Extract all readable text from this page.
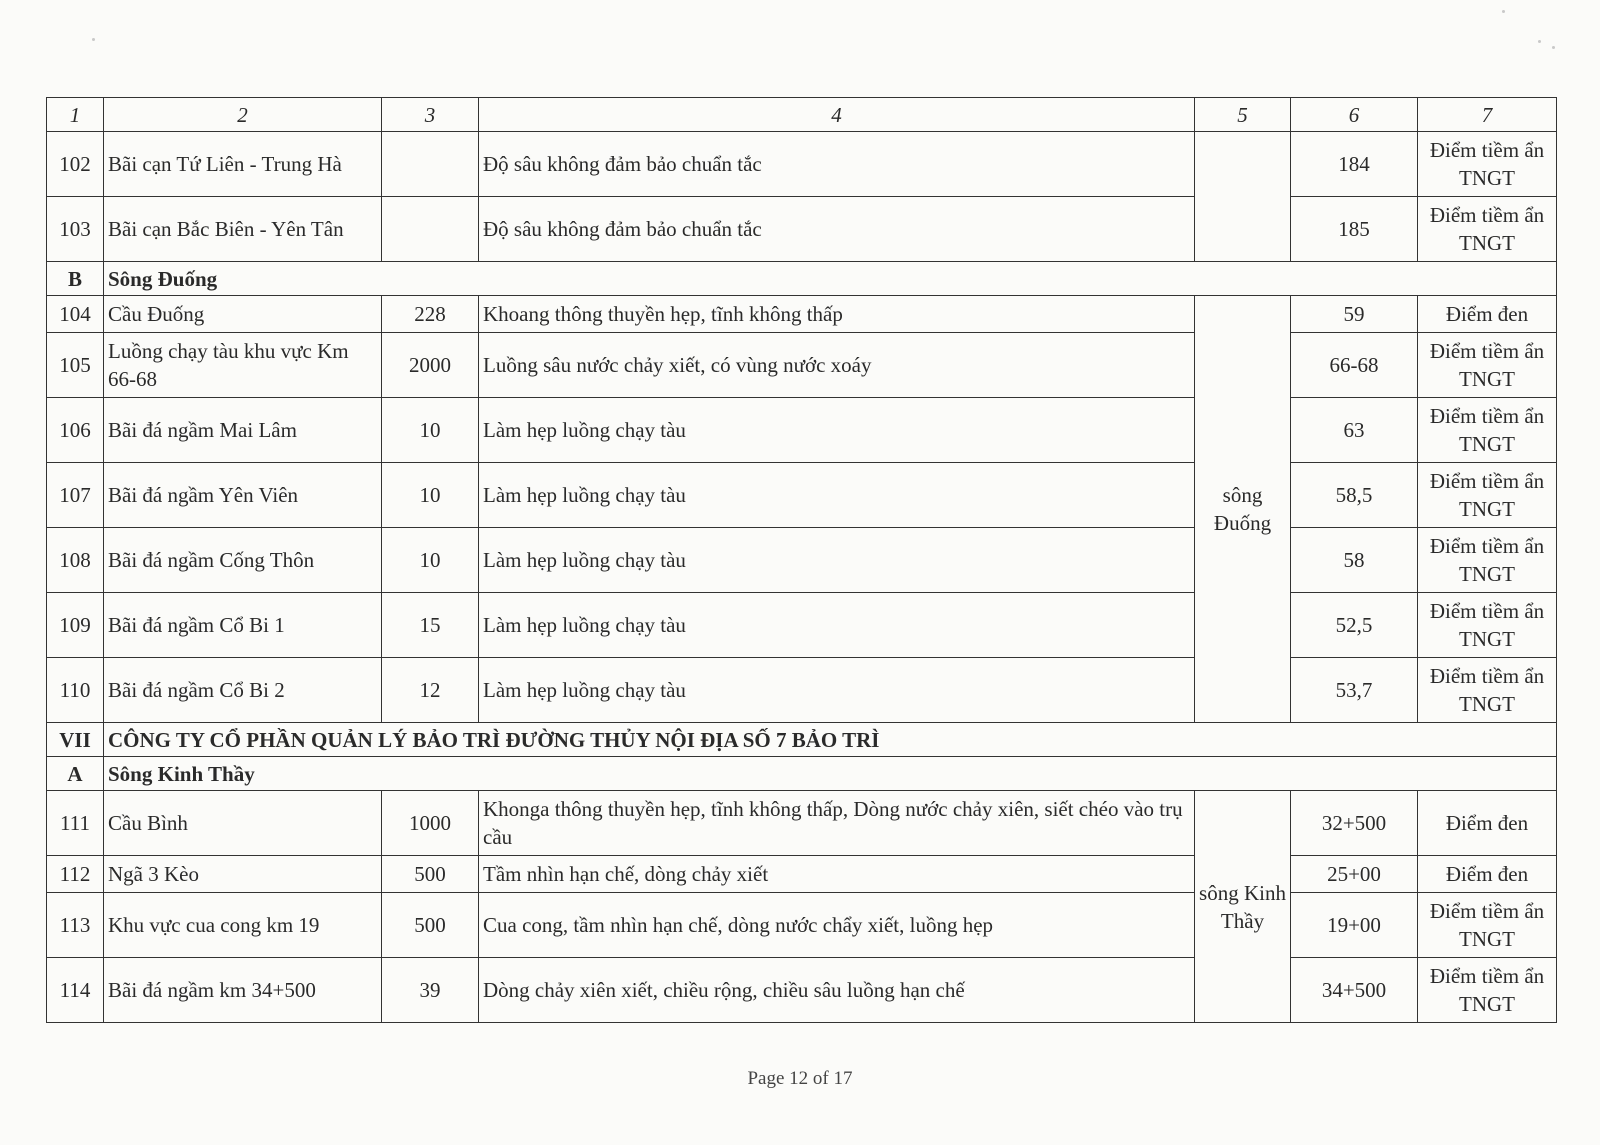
1	2	3	4	5	6	7
102	Bãi cạn Tứ Liên - Trung Hà		Độ sâu không đảm bảo chuẩn tắc		184	Điểm tiềm ẩn TNGT
103	Bãi cạn Bắc Biên - Yên Tân		Độ sâu không đảm bảo chuẩn tắc		185	Điểm tiềm ẩn TNGT
B	Sông Đuống					
104	Cầu Đuống	228	Khoang thông thuyền hẹp, tĩnh không thấp	sông Đuống	59	Điểm đen
105	Luồng chạy tàu khu vực Km 66-68	2000	Luồng sâu nước chảy xiết, có vùng nước xoáy		66-68	Điểm tiềm ẩn TNGT
106	Bãi đá ngầm Mai Lâm	10	Làm hẹp luồng chạy tàu		63	Điểm tiềm ẩn TNGT
107	Bãi đá ngầm Yên Viên	10	Làm hẹp luồng chạy tàu		58,5	Điểm tiềm ẩn TNGT
108	Bãi đá ngầm Cống Thôn	10	Làm hẹp luồng chạy tàu		58	Điểm tiềm ẩn TNGT
109	Bãi đá ngầm Cổ Bi 1	15	Làm hẹp luồng chạy tàu		52,5	Điểm tiềm ẩn TNGT
110	Bãi đá ngầm Cổ Bi 2	12	Làm hẹp luồng chạy tàu		53,7	Điểm tiềm ẩn TNGT
VII	CÔNG TY CỔ PHẦN QUẢN LÝ BẢO TRÌ ĐƯỜNG THỦY NỘI ĐỊA SỐ 7 BẢO TRÌ					
A	Sông Kinh Thầy					
111	Cầu Bình	1000	Khonga thông thuyền hẹp, tĩnh không thấp, Dòng nước chảy xiên, siết chéo vào trụ cầu	sông Kinh Thầy	32+500	Điểm đen
112	Ngã 3 Kèo	500	Tầm nhìn hạn chế, dòng chảy xiết		25+00	Điểm đen
113	Khu vực cua cong km 19	500	Cua cong, tầm nhìn hạn chế, dòng nước chẩy xiết, luồng hẹp		19+00	Điểm tiềm ẩn TNGT
114	Bãi đá ngầm km 34+500	39	Dòng chảy xiên xiết, chiều rộng, chiều sâu luồng hạn chế		34+500	Điểm tiềm ẩn TNGT
Page 12 of 17
